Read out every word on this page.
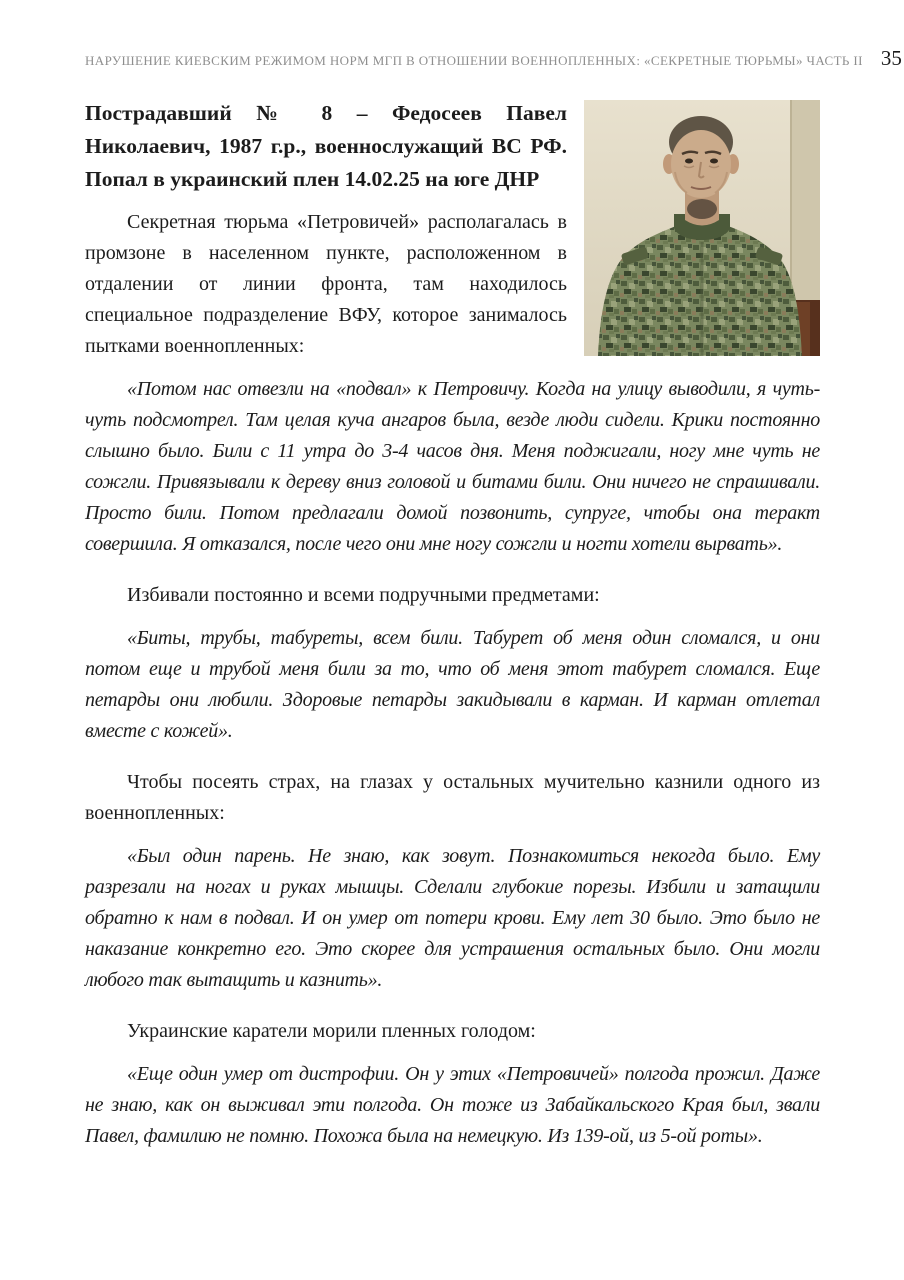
НАРУШЕНИЕ КИЕВСКИМ РЕЖИМОМ НОРМ МГП В ОТНОШЕНИИ ВОЕННОПЛЕННЫХ: «СЕКРЕТНЫЕ ТЮРЬМЫ» ЧАСТЬ II 35
Пострадавший № 8 – Федосеев Павел Николаевич, 1987 г.р., военнослужащий ВС РФ. Попал в украинский плен 14.02.25 на юге ДНР

Секретная тюрьма «Петровичей» располагалась в промзоне в населенном пункте, расположенном в отдалении от линии фронта, там находилось специальное подразделение ВФУ, которое занималось пытками военнопленных:

«Потом нас отвезли на «подвал» к Петровичу. Когда на улицу выводили, я чуть-чуть подсмотрел. Там целая куча ангаров была, везде люди сидели. Крики постоянно слышно было. Били с 11 утра до 3-4 часов дня. Меня поджигали, ногу мне чуть не сожгли. Привязывали к дереву вниз головой и битами били. Они ничего не спрашивали. Просто били. Потом предлагали домой позвонить, супруге, чтобы она теракт совершила. Я отказался, после чего они мне ногу сожгли и ногти хотели вырвать».

Избивали постоянно и всеми подручными предметами:

«Биты, трубы, табуреты, всем били. Табурет об меня один сломался, и они потом еще и трубой меня били за то, что об меня этот табурет сломался. Еще петарды они любили. Здоровые петарды закидывали в карман. И карман отлетал вместе с кожей».

Чтобы посеять страх, на глазах у остальных мучительно казнили одного из военнопленных:

«Был один парень. Не знаю, как зовут. Познакомиться некогда было. Ему разрезали на ногах и руках мышцы. Сделали глубокие порезы. Избили и затащили обратно к нам в подвал. И он умер от потери крови. Ему лет 30 было. Это было не наказание конкретно его. Это скорее для устрашения остальных было. Они могли любого так вытащить и казнить».

Украинские каратели морили пленных голодом:

«Еще один умер от дистрофии. Он у этих «Петровичей» полгода прожил. Даже не знаю, как он выживал эти полгода. Он тоже из Забайкальского Края был, звали Павел, фамилию не помню. Похожа была на немецкую. Из 139-ой, из 5-ой роты».
